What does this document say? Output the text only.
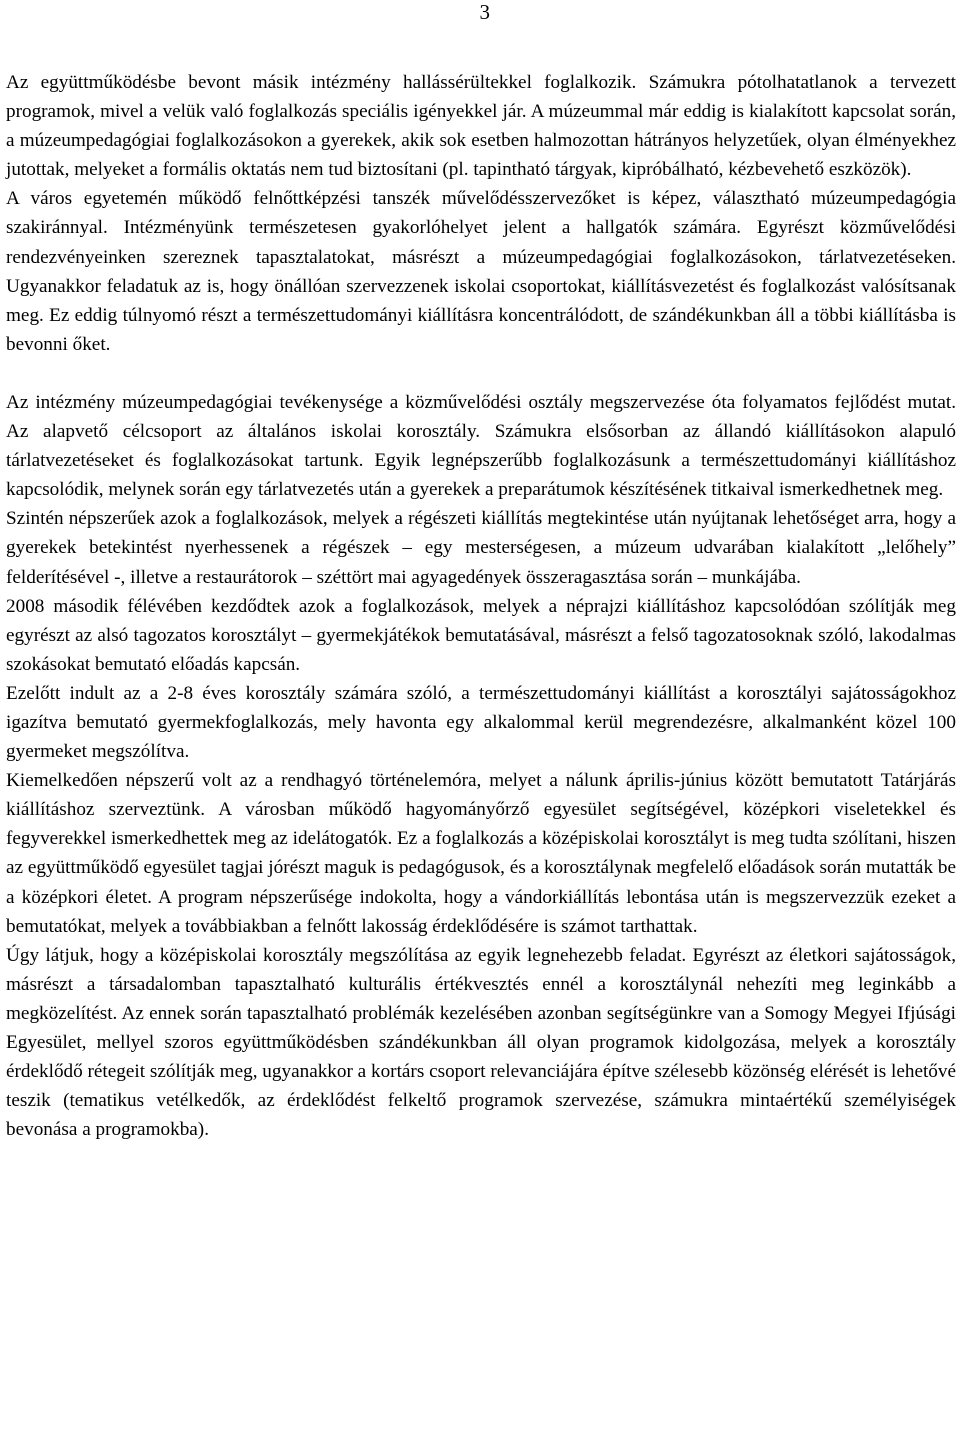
3

Az együttműködésbe bevont másik intézmény hallássérültekkel foglalkozik. Számukra pótolhatatlanok a tervezett programok, mivel a velük való foglalkozás speciális igényekkel jár. A múzeummal már eddig is kialakított kapcsolat során, a múzeumpedagógiai foglalkozásokon a gyerekek, akik sok esetben halmozottan hátrányos helyzetűek, olyan élményekhez jutottak, melyeket a formális oktatás nem tud biztosítani (pl. tapintható tárgyak, kipróbálható, kézbevehető eszközök).

A város egyetemén működő felnőttképzési tanszék művelődésszervezőket is képez, választható múzeumpedagógia szakiránnyal. Intézményünk természetesen gyakorlóhelyet jelent a hallgatók számára. Egyrészt közművelődési rendezvényeinken szereznek tapasztalatokat, másrészt a múzeumpedagógiai foglalkozásokon, tárlatvezetéseken. Ugyanakkor feladatuk az is, hogy önállóan szervezzenek iskolai csoportokat, kiállításvezetést és foglalkozást valósítsanak meg. Ez eddig túlnyomó részt a természettudományi kiállításra koncentrálódott, de szándékunkban áll a többi kiállításba is bevonni őket.

Az intézmény múzeumpedagógiai tevékenysége a közművelődési osztály megszervezése óta folyamatos fejlődést mutat. Az alapvető célcsoport az általános iskolai korosztály. Számukra elsősorban az állandó kiállításokon alapuló tárlatvezetéseket és foglalkozásokat tartunk. Egyik legnépszerűbb foglalkozásunk a természettudományi kiállításhoz kapcsolódik, melynek során egy tárlatvezetés után a gyerekek a preparátumok készítésének titkaival ismerkedhetnek meg.

Szintén népszerűek azok a foglalkozások, melyek a régészeti kiállítás megtekintése után nyújtanak lehetőséget arra, hogy a gyerekek betekintést nyerhessenek a régészek – egy mesterségesen, a múzeum udvarában kialakított „lelőhely” felderítésével -, illetve a restaurátorok – széttört mai agyagedények összeragasztása során – munkájába.

2008 második félévében kezdődtek azok a foglalkozások, melyek a néprajzi kiállításhoz kapcsolódóan szólítják meg egyrészt az alsó tagozatos korosztályt – gyermekjátékok bemutatásával, másrészt a felső tagozatosoknak szóló, lakodalmas szokásokat bemutató előadás kapcsán.

Ezelőtt indult az a 2-8 éves korosztály számára szóló, a természettudományi kiállítást a korosztályi sajátosságokhoz igazítva bemutató gyermekfoglalkozás, mely havonta egy alkalommal kerül megrendezésre, alkalmanként közel 100 gyermeket megszólítva.

Kiemelkedően népszerű volt az a rendhagyó történelemóra, melyet a nálunk április-június között bemutatott Tatárjárás kiállításhoz szerveztünk. A városban működő hagyományőrző egyesület segítségével, középkori viseletekkel és fegyverekkel ismerkedhettek meg az idelátogatók. Ez a foglalkozás a középiskolai korosztályt is meg tudta szólítani, hiszen az együttműködő egyesület tagjai jórészt maguk is pedagógusok, és a korosztálynak megfelelő előadások során mutatták be a középkori életet. A program népszerűsége indokolta, hogy a vándorkiállítás lebontása után is megszervezzük ezeket a bemutatókat, melyek a továbbiakban a felnőtt lakosság érdeklődésére is számot tarthattak.

Úgy látjuk, hogy a középiskolai korosztály megszólítása az egyik legnehezebb feladat. Egyrészt az életkori sajátosságok, másrészt a társadalomban tapasztalható kulturális értékvesztés ennél a korosztálynál nehezíti meg leginkább a megközelítést. Az ennek során tapasztalható problémák kezelésében azonban segítségünkre van a Somogy Megyei Ifjúsági Egyesület, mellyel szoros együttműködésben szándékunkban áll olyan programok kidolgozása, melyek a korosztály érdeklődő rétegeit szólítják meg, ugyanakkor a kortárs csoport relevanciájára építve szélesebb közönség elérését is lehetővé teszik (tematikus vetélkedők, az érdeklődést felkeltő programok szervezése, számukra mintaértékű személyiségek bevonása a programokba).
